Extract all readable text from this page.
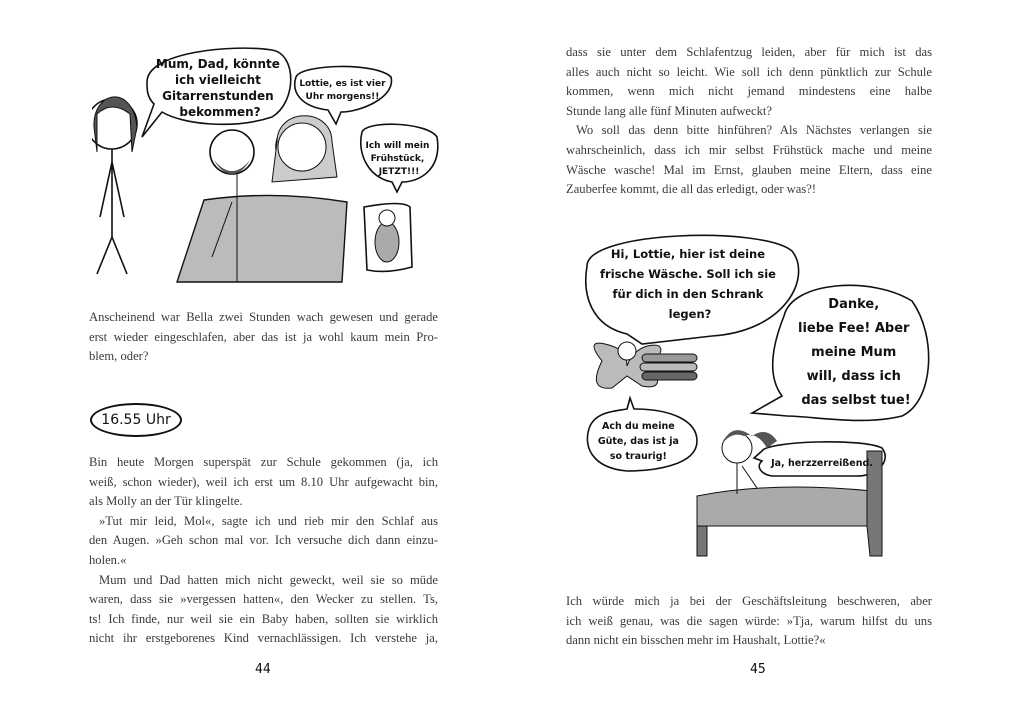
Mum, Dad, könnte ich vielleicht Gitarrenstunden bekommen?
Lottie, es ist vier Uhr morgens!! Ich will mein Frühstück, JETZT!!!
Anscheinend war Bella zwei Stunden wach gewesen und gerade
erst wieder eingeschlafen, aber das ist ja wohl kaum mein Pro-
blem, oder?
16.55 Uhr
Bin heute Morgen superspät zur Schule gekommen (ja, ich
weiß, schon wieder), weil ich erst um 8.10 Uhr aufgewacht bin,
als Molly an der Tür klingelte.
»Tut mir leid, Mol«, sagte ich und rieb mir den Schlaf aus
den Augen. »Geh schon mal vor. Ich versuche dich dann einzu-
holen.«
Mum und Dad hatten mich nicht geweckt, weil sie so müde
waren, dass sie »vergessen hatten«, den Wecker zu stellen. Ts,
ts! Ich finde, nur weil sie ein Baby haben, sollten sie wirklich
nicht ihr erstgeborenes Kind vernachlässigen. Ich verstehe ja,
44
dass sie unter dem Schlafentzug leiden, aber für mich ist das
alles auch nicht so leicht. Wie soll ich denn pünktlich zur Schule
kommen, wenn mich nicht jemand mindestens eine halbe
Stunde lang alle fünf Minuten aufweckt?
Wo soll das denn bitte hinführen? Als Nächstes verlangen sie
wahrscheinlich, dass ich mir selbst Frühstück mache und meine
Wäsche wasche! Mal im Ernst, glauben meine Eltern, dass eine
Zauberfee kommt, die all das erledigt, oder was?!
Hi, Lottie, hier ist deine frische Wäsche. Soll ich sie für dich in den Schrank legen?
Danke, liebe Fee! Aber meine Mum will, dass ich das selbst tue!
Ach du meine Güte, das ist ja so traurig! Ja, herzzerreißend.
Ich würde mich ja bei der Geschäftsleitung beschweren, aber
ich weiß genau, was die sagen würde: »Tja, warum hilfst du uns
dann nicht ein bisschen mehr im Haushalt, Lottie?«
45
